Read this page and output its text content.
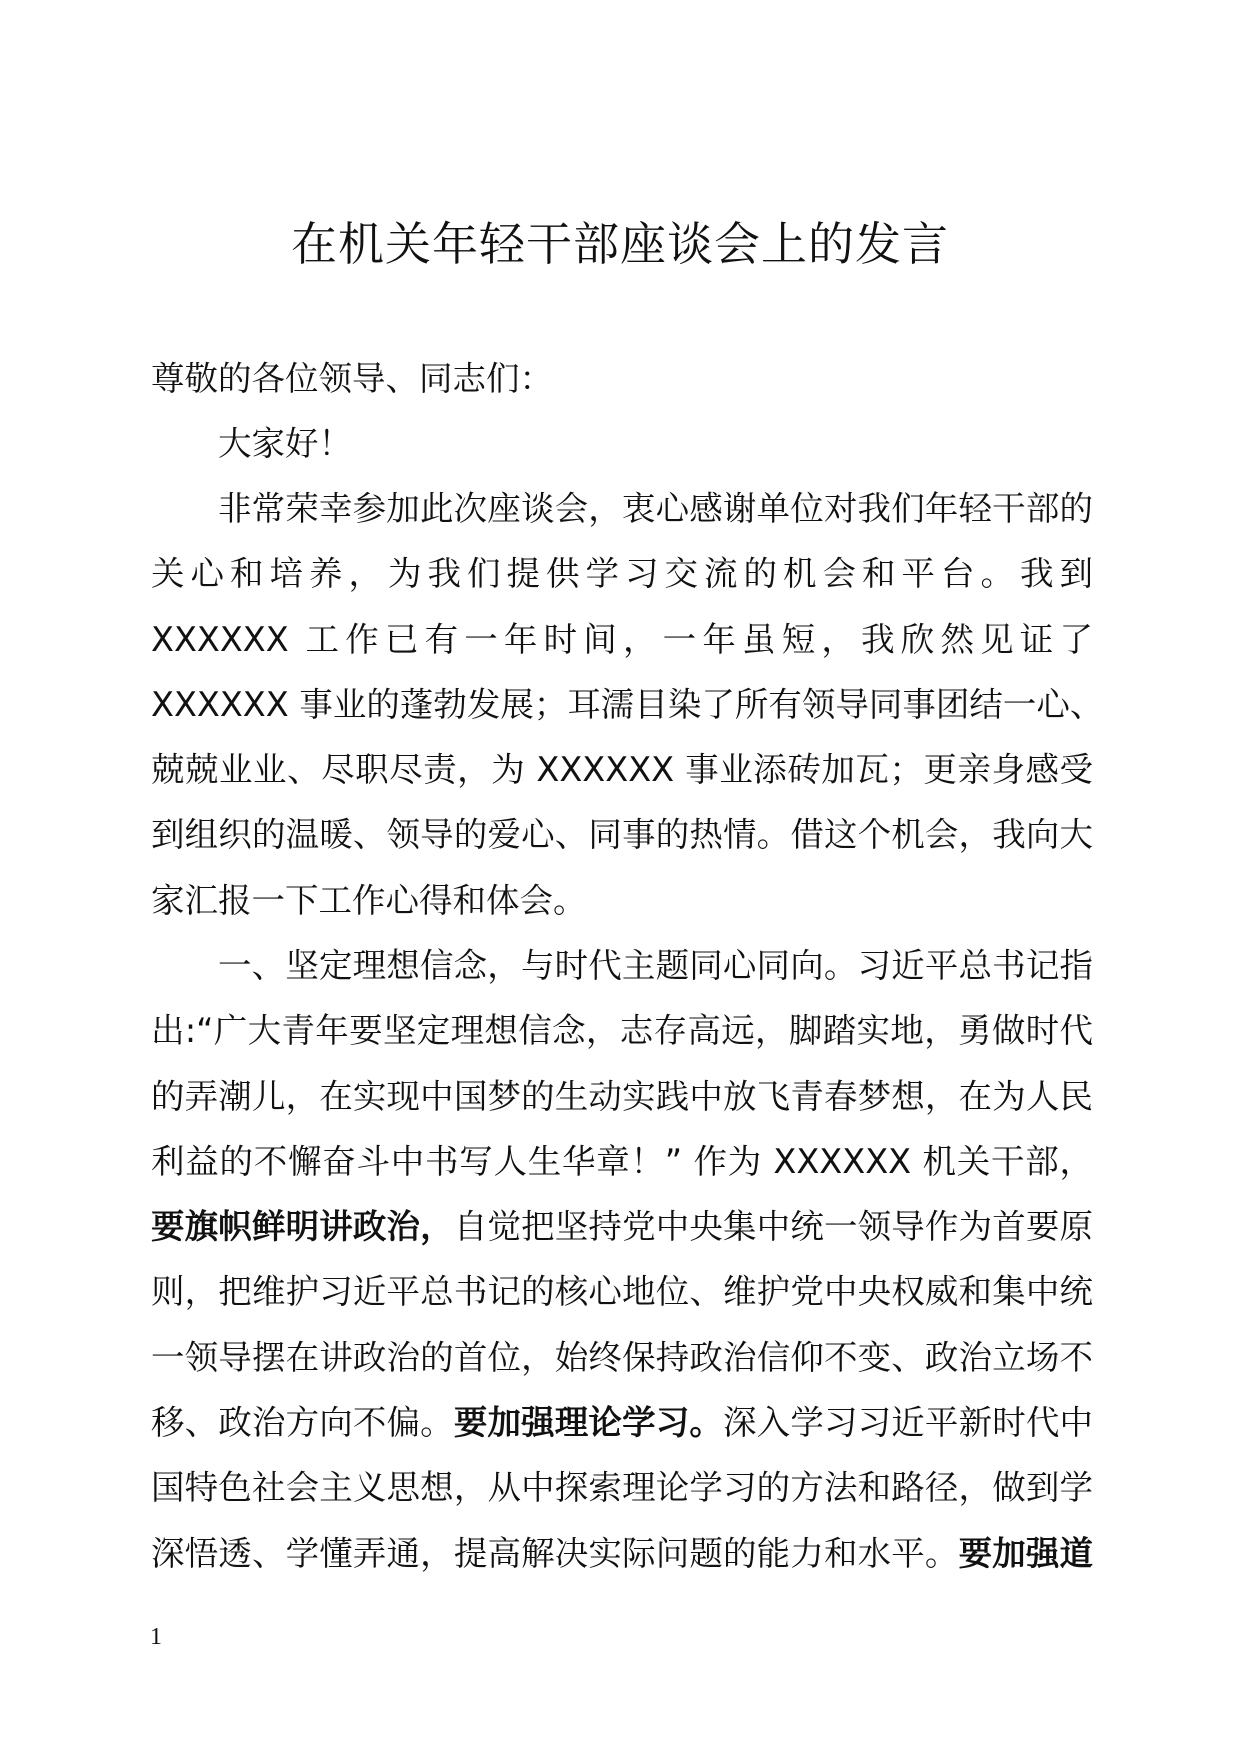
在机关年轻干部座谈会上的发言

尊敬的各位领导、同志们：

大家好！

非常荣幸参加此次座谈会，衷心感谢单位对我们年轻干部的
关心和培养，为我们提供学习交流的机会和平台。我到
XXXXXX 工作已有一年时间，一年虽短，我欣然见证了
XXXXXX 事业的蓬勃发展；耳濡目染了所有领导同事团结一心、
兢兢业业、尽职尽责，为 XXXXXX 事业添砖加瓦；更亲身感受
到组织的温暖、领导的爱心、同事的热情。借这个机会，我向大
家汇报一下工作心得和体会。
一、坚定理想信念，与时代主题同心同向。习近平总书记指
出:“广大青年要坚定理想信念，志存高远，脚踏实地，勇做时代
的弄潮儿，在实现中国梦的生动实践中放飞青春梦想，在为人民
利益的不懈奋斗中书写人生华章！” 作为 XXXXXX 机关干部，
要旗帜鲜明讲政治，自觉把坚持党中央集中统一领导作为首要原
则，把维护习近平总书记的核心地位、维护党中央权威和集中统
一领导摆在讲政治的首位，始终保持政治信仰不变、政治立场不
移、政治方向不偏。要加强理论学习。深入学习习近平新时代中
国特色社会主义思想，从中探索理论学习的方法和路径，做到学
深悟透、学懂弄通，提高解决实际问题的能力和水平。要加强道
1
